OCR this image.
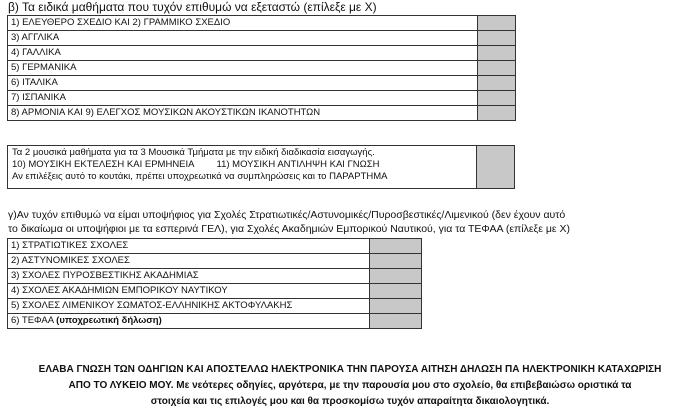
β) Τα ειδικά μαθήματα που τυχόν επιθυμώ να εξεταστώ (επίλεξε με Χ)
1) ΕΛΕΥΘΕΡΟ ΣΧΕΔΙΟ ΚΑΙ 2) ΓΡΑΜΜΙΚΟ ΣΧΕΔΙΟ	
3) ΑΓΓΛΙΚΑ	
4) ΓΑΛΛΙΚΑ	
5) ΓΕΡΜΑΝΙΚΑ	
6) ΙΤΑΛΙΚΑ	
7) ΙΣΠΑΝΙΚΑ	
8) ΑΡΜΟΝΙΑ ΚΑΙ 9) ΕΛΕΓΧΟΣ ΜΟΥΣΙΚΩΝ ΑΚΟΥΣΤΙΚΩΝ ΙΚΑΝΟΤΗΤΩΝ	
Τα 2 μουσικά μαθήματα για τα 3 Μουσικά Τμήματα με την ειδική διαδικασία εισαγωγής.
10) ΜΟΥΣΙΚΗ ΕΚΤΕΛΕΣΗ ΚΑΙ ΕΡΜΗΝΕΙΑ 11) ΜΟΥΣΙΚΗ ΑΝΤΙΛΗΨΗ ΚΑΙ ΓΝΩΣΗ
Αν επιλέξεις αυτό το κουτάκι, πρέπει υποχρεωτικά να συμπληρώσεις και το ΠΑΡΑΡΤΗΜΑ
γ)Αν τυχόν επιθυμώ να είμαι υποψήφιος για Σχολές Στρατιωτικές/Αστυνομικές/Πυροσβεστικές/Λιμενικού (δεν έχουν αυτό
το δικαίωμα οι υποψήφιοι με τα εσπερινά ΓΕΛ), για Σχολές Ακαδημιών Εμπορικού Ναυτικού, για τα ΤΕΦΑΑ (επίλεξε με Χ)
1) ΣΤΡΑΤΙΩΤΙΚΕΣ ΣΧΟΛΕΣ	
2) ΑΣΤΥΝΟΜΙΚΕΣ ΣΧΟΛΕΣ	
3) ΣΧΟΛΕΣ ΠΥΡΟΣΒΕΣΤΙΚΗΣ ΑΚΑΔΗΜΙΑΣ	
4) ΣΧΟΛΕΣ ΑΚΑΔΗΜΙΩΝ ΕΜΠΟΡΙΚΟΥ ΝΑΥΤΙΚΟΥ	
5) ΣΧΟΛΕΣ ΛΙΜΕΝΙΚΟΥ ΣΩΜΑΤΟΣ-ΕΛΛΗΝΙΚΗΣ ΑΚΤΟΦΥΛΑΚΗΣ	
6) ΤΕΦΑΑ (υποχρεωτική δήλωση)	
ΕΛΑΒΑ ΓΝΩΣΗ ΤΩΝ ΟΔΗΓΙΩΝ ΚΑΙ ΑΠΟΣΤΕΛΛΩ ΗΛΕΚΤΡΟΝΙΚΑ ΤΗΝ ΠΑΡΟΥΣΑ ΑΙΤΗΣΗ ΔΗΛΩΣΗ ΠΑ ΗΛΕΚΤΡΟΝΙΚΗ ΚΑΤΑΧΩΡΙΣΗ
ΑΠΟ ΤΟ ΛΥΚΕΙΟ ΜΟΥ. Με νεότερες οδηγίες, αργότερα, με την παρουσία μου στο σχολείο, θα επιβεβαιώσω οριστικά τα
στοιχεία και τις επιλογές μου και θα προσκομίσω τυχόν απαραίτητα δικαιολογητικά.
